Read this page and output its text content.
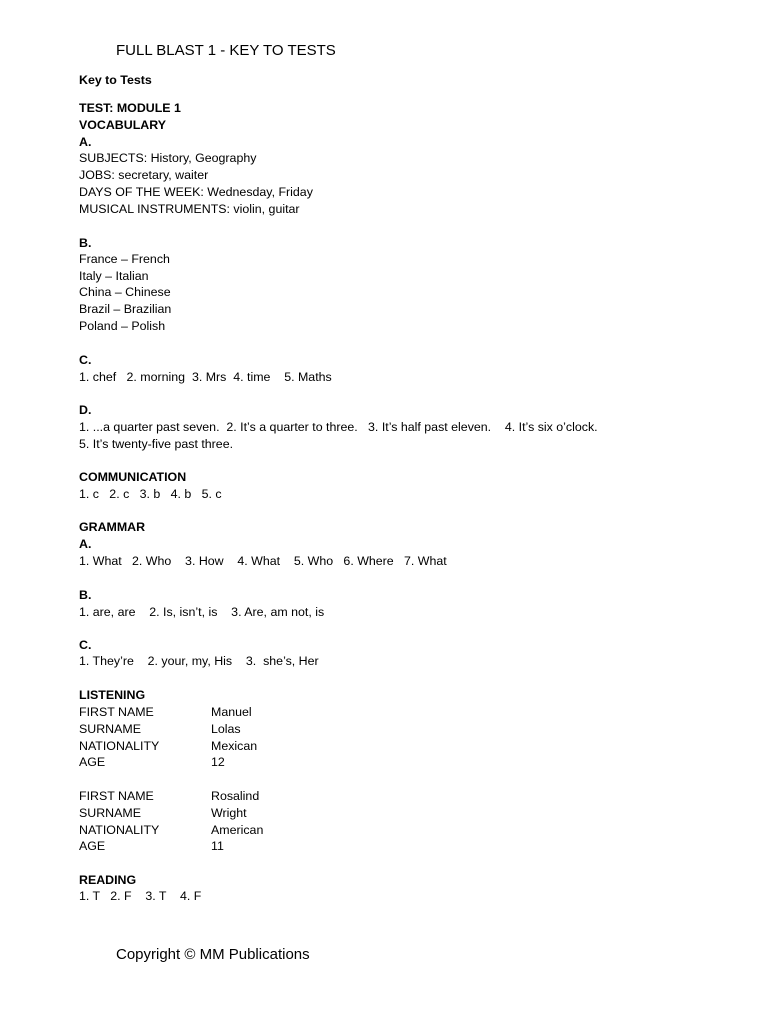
FULL BLAST 1 - KEY TO TESTS
Key to Tests
TEST: MODULE 1
VOCABULARY
A.
SUBJECTS: History, Geography
JOBS: secretary, waiter
DAYS OF THE WEEK: Wednesday, Friday
MUSICAL INSTRUMENTS: violin, guitar
B.
France – French
Italy – Italian
China – Chinese
Brazil – Brazilian
Poland – Polish
C.
1. chef   2. morning  3. Mrs  4. time    5. Maths
D.
1. ...a quarter past seven.  2. It’s a quarter to three.   3. It’s half past eleven.    4. It’s six o’clock.
5. It’s twenty-five past three.
COMMUNICATION
1. c   2. c   3. b   4. b   5. c
GRAMMAR
A.
1. What   2. Who    3. How    4. What    5. Who   6. Where   7. What
B.
1. are, are    2. Is, isn’t, is    3. Are, am not, is
C.
1. They’re    2. your, my, His    3.  she’s, Her
LISTENING
FIRST NAME	Manuel
SURNAME	Lolas
NATIONALITY	Mexican
AGE	12
FIRST NAME	Rosalind
SURNAME	Wright
NATIONALITY	American
AGE	11
READING
1. T   2. F    3. T    4. F
Copyright © MM Publications
